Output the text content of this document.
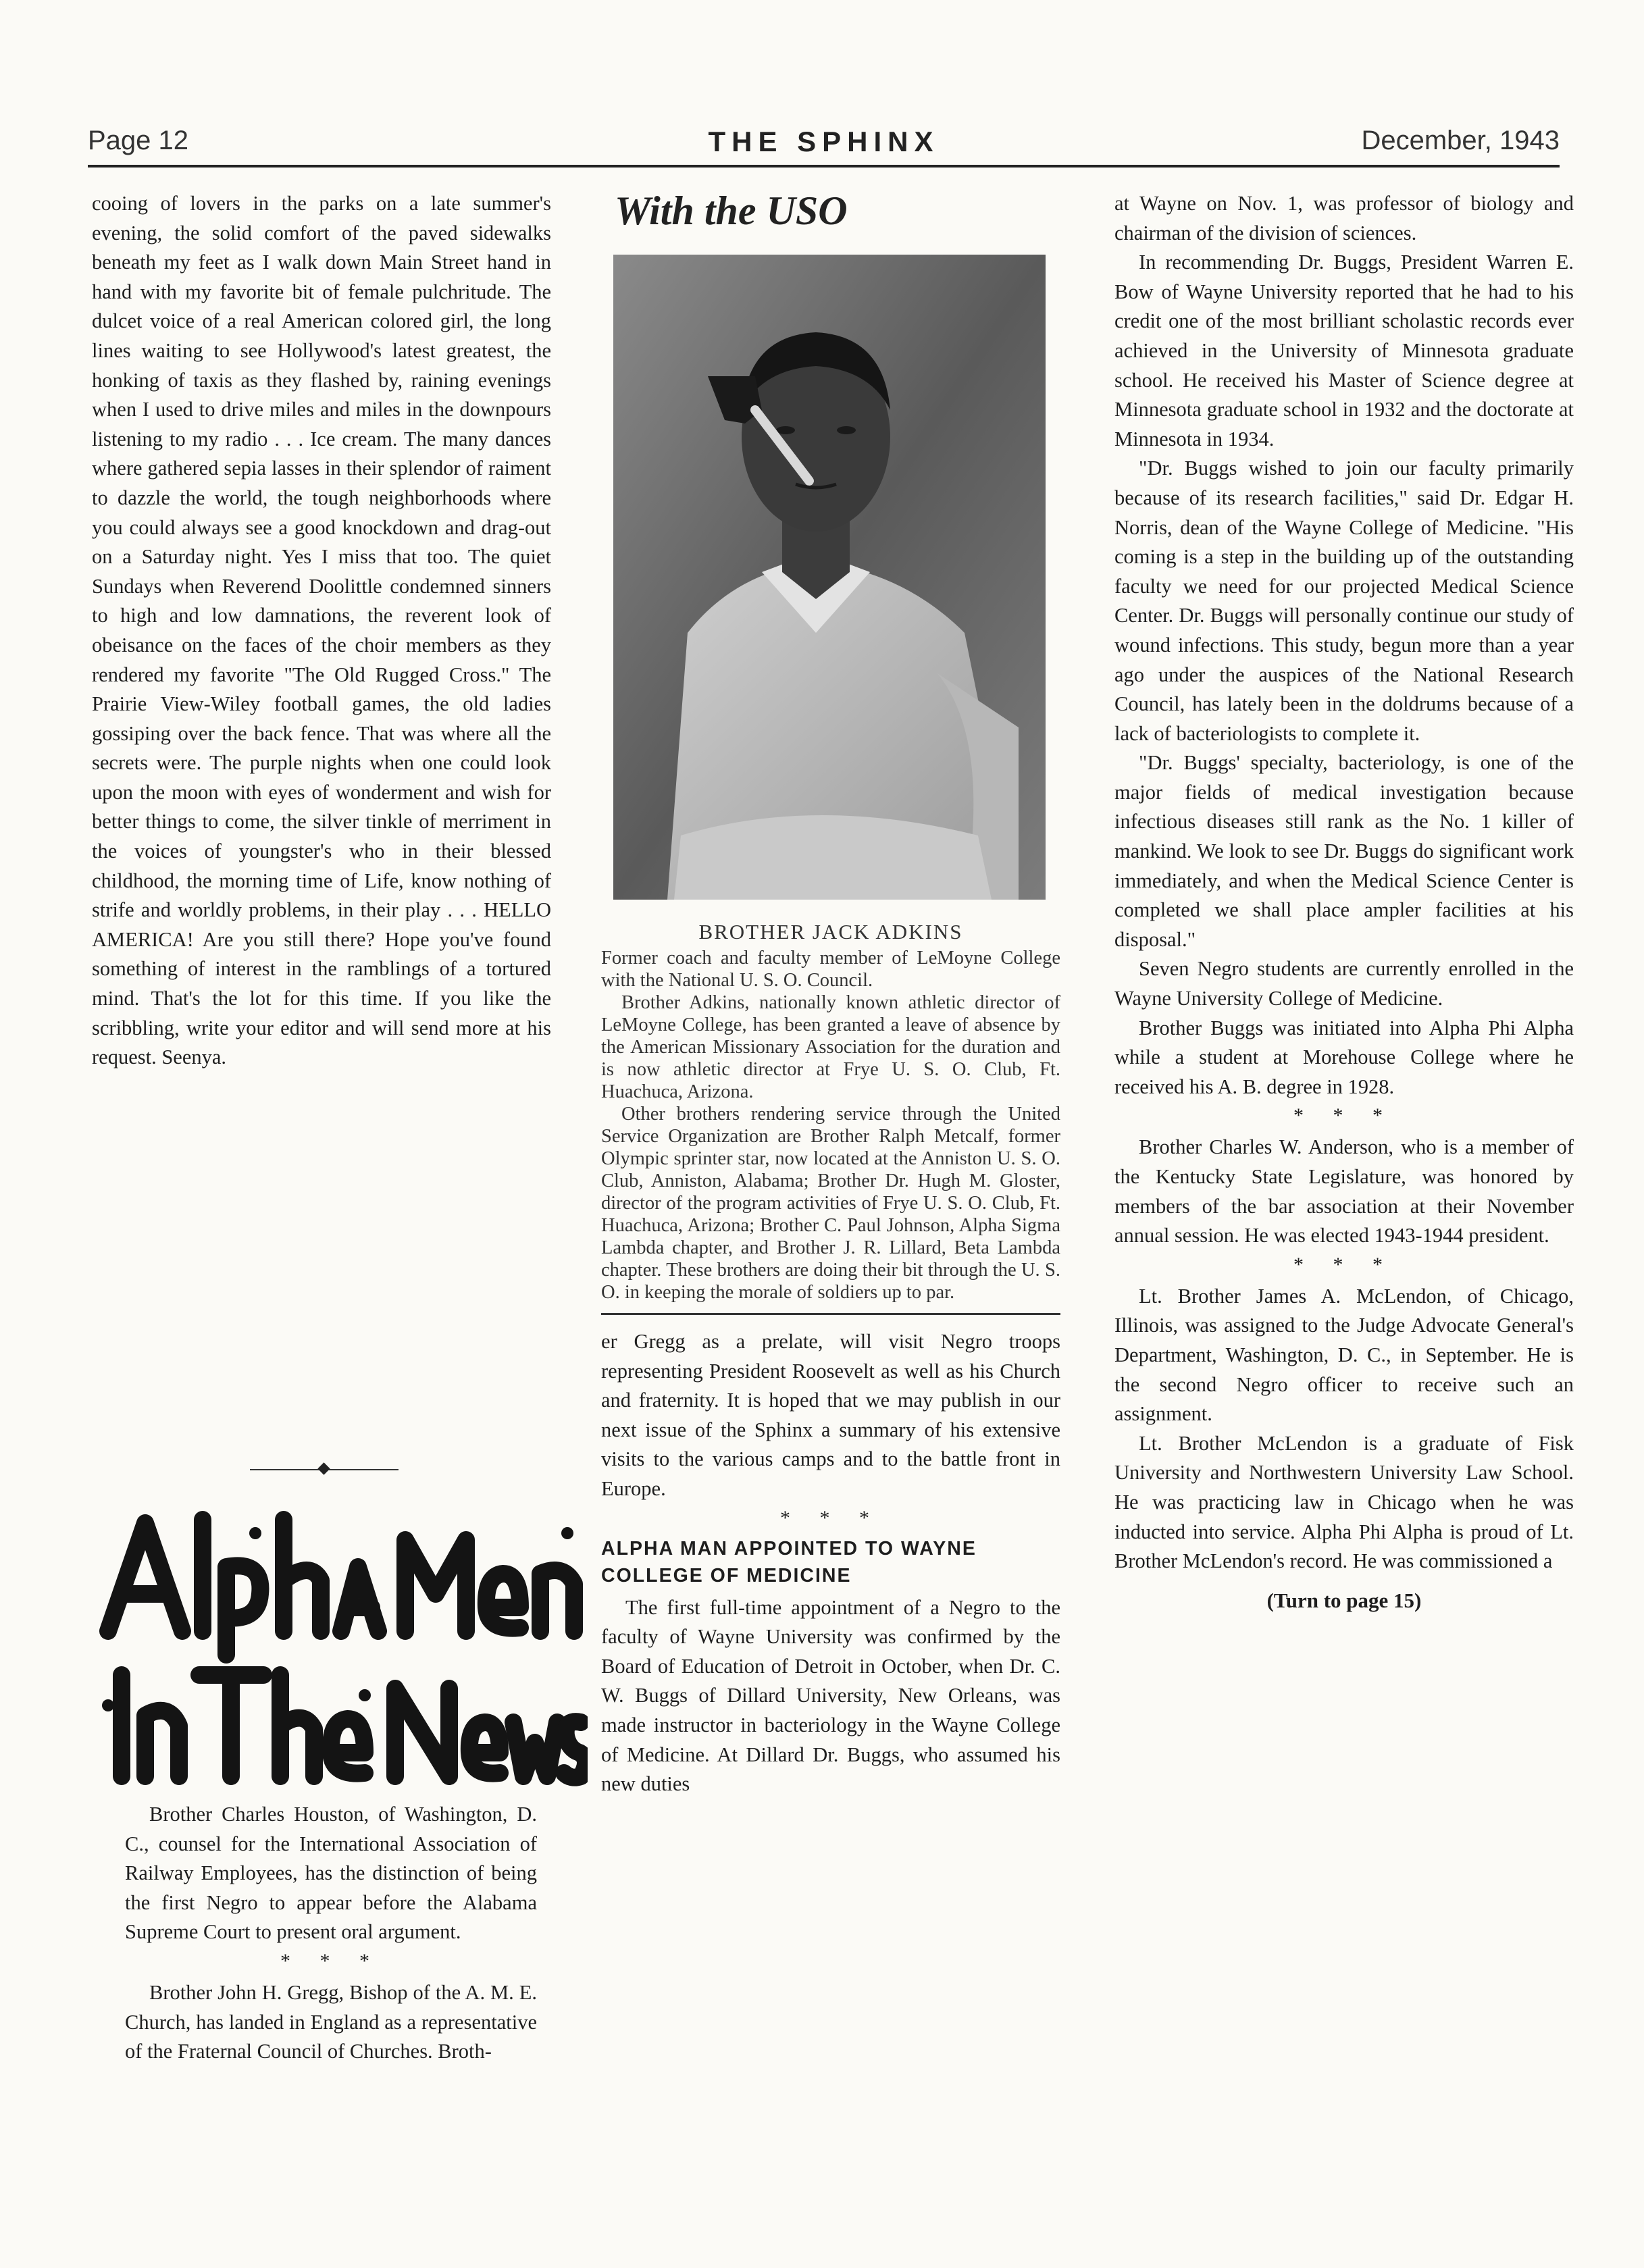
Page 12	THE SPHINX	December, 1943

cooing of lovers in the parks on a late summer's evening, the solid comfort of the paved sidewalks beneath my feet as I walk down Main Street hand in hand with my favorite bit of female pulchritude. The dulcet voice of a real American colored girl, the long lines waiting to see Hollywood's latest greatest, the honking of taxis as they flashed by, raining evenings when I used to drive miles and miles in the downpours listening to my radio . . . Ice cream. The many dances where gathered sepia lasses in their splendor of raiment to dazzle the world, the tough neighborhoods where you could always see a good knockdown and drag-out on a Saturday night. Yes I miss that too. The quiet Sundays when Reverend Doolittle condemned sinners to high and low damnations, the reverent look of obeisance on the faces of the choir members as they rendered my favorite "The Old Rugged Cross." The Prairie View-Wiley football games, the old ladies gossiping over the back fence. That was where all the secrets were. The purple nights when one could look upon the moon with eyes of wonderment and wish for better things to come, the silver tinkle of merriment in the voices of youngster's who in their blessed childhood, the morning time of Life, know nothing of strife and worldly problems, in their play . . . HELLO AMERICA! Are you still there? Hope you've found something of interest in the ramblings of a tortured mind. That's the lot for this time. If you like the scribbling, write your editor and will send more at his request. Seenya.

Brother Charles Houston, of Washington, D. C., counsel for the International Association of Railway Employees, has the distinction of being the first Negro to appear before the Alabama Supreme Court to present oral argument.

* * *

Brother John H. Gregg, Bishop of the A. M. E. Church, has landed in England as a representative of the Fraternal Council of Churches. Broth-

With the USO
BROTHER JACK ADKINS

Former coach and faculty member of LeMoyne College with the National U. S. O. Council.

Brother Adkins, nationally known athletic director of LeMoyne College, has been granted a leave of absence by the American Missionary Association for the duration and is now athletic director at Frye U. S. O. Club, Ft. Huachuca, Arizona.

Other brothers rendering service through the United Service Organization are Brother Ralph Metcalf, former Olympic sprinter star, now located at the Anniston U. S. O. Club, Anniston, Alabama; Brother Dr. Hugh M. Gloster, director of the program activities of Frye U. S. O. Club, Ft. Huachuca, Arizona; Brother C. Paul Johnson, Alpha Sigma Lambda chapter, and Brother J. R. Lillard, Beta Lambda chapter. These brothers are doing their bit through the U. S. O. in keeping the morale of soldiers up to par.

er Gregg as a prelate, will visit Negro troops representing President Roosevelt as well as his Church and fraternity. It is hoped that we may publish in our next issue of the Sphinx a summary of his extensive visits to the various camps and to the battle front in Europe.

* * *
ALPHA MAN APPOINTED TO WAYNE COLLEGE OF MEDICINE

The first full-time appointment of a Negro to the faculty of Wayne University was confirmed by the Board of Education of Detroit in October, when Dr. C. W. Buggs of Dillard University, New Orleans, was made instructor in bacteriology in the Wayne College of Medicine. At Dillard Dr. Buggs, who assumed his new duties

at Wayne on Nov. 1, was professor of biology and chairman of the division of sciences.

In recommending Dr. Buggs, President Warren E. Bow of Wayne University reported that he had to his credit one of the most brilliant scholastic records ever achieved in the University of Minnesota graduate school. He received his Master of Science degree at Minnesota graduate school in 1932 and the doctorate at Minnesota in 1934.

"Dr. Buggs wished to join our faculty primarily because of its research facilities," said Dr. Edgar H. Norris, dean of the Wayne College of Medicine. "His coming is a step in the building up of the outstanding faculty we need for our projected Medical Science Center. Dr. Buggs will personally continue our study of wound infections. This study, begun more than a year ago under the auspices of the National Research Council, has lately been in the doldrums because of a lack of bacteriologists to complete it.

"Dr. Buggs' specialty, bacteriology, is one of the major fields of medical investigation because infectious diseases still rank as the No. 1 killer of mankind. We look to see Dr. Buggs do significant work immediately, and when the Medical Science Center is completed we shall place ampler facilities at his disposal."

Seven Negro students are currently enrolled in the Wayne University College of Medicine.

Brother Buggs was initiated into Alpha Phi Alpha while a student at Morehouse College where he received his A. B. degree in 1928.

* * *

Brother Charles W. Anderson, who is a member of the Kentucky State Legislature, was honored by members of the bar association at their November annual session. He was elected 1943-1944 president.

* * *

Lt. Brother James A. McLendon, of Chicago, Illinois, was assigned to the Judge Advocate General's Department, Washington, D. C., in September. He is the second Negro officer to receive such an assignment.

Lt. Brother McLendon is a graduate of Fisk University and Northwestern University Law School. He was practicing law in Chicago when he was inducted into service. Alpha Phi Alpha is proud of Lt. Brother McLendon's record. He was commissioned a

(Turn to page 15)
